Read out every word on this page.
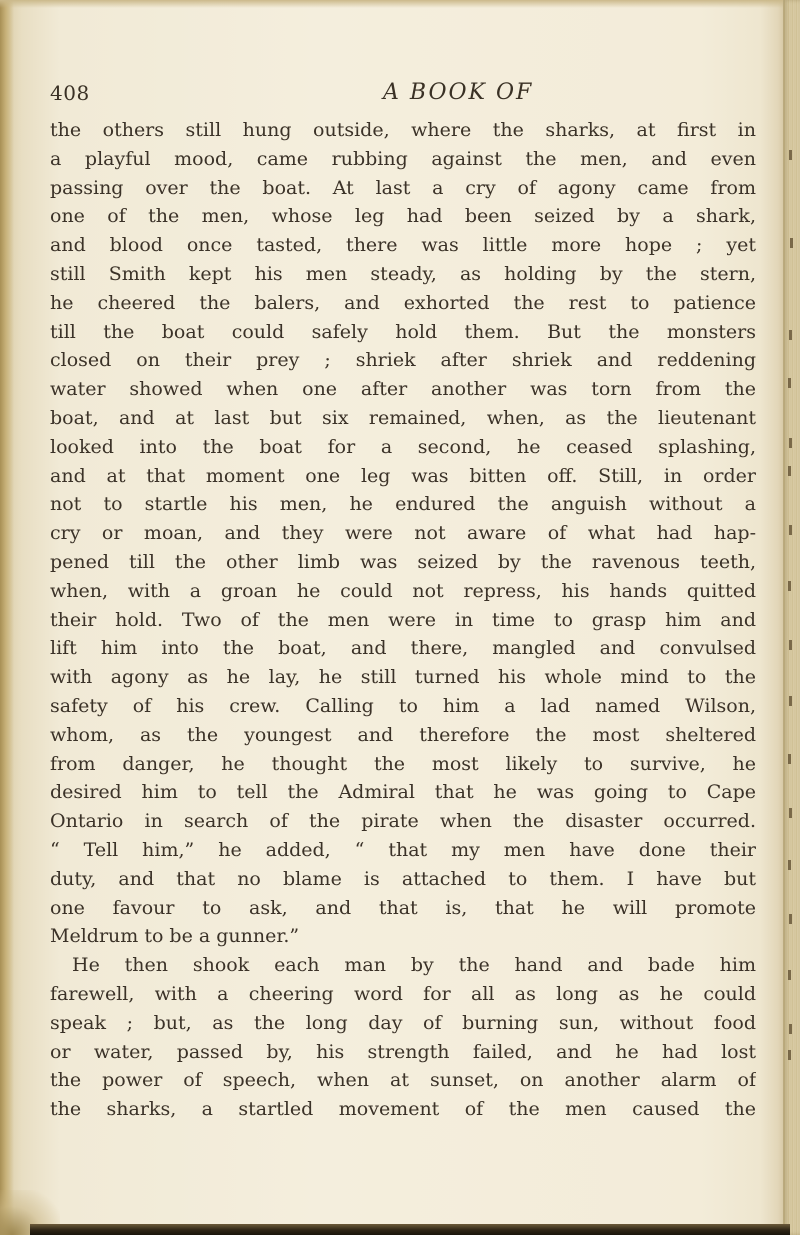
408	A BOOK OF
the others still hung outside, where the sharks, at first in
a playful mood, came rubbing against the men, and even
passing over the boat. At last a cry of agony came from
one of the men, whose leg had been seized by a shark,
and blood once tasted, there was little more hope ; yet
still Smith kept his men steady, as holding by the stern,
he cheered the balers, and exhorted the rest to patience
till the boat could safely hold them. But the monsters
closed on their prey ; shriek after shriek and reddening
water showed when one after another was torn from the
boat, and at last but six remained, when, as the lieutenant
looked into the boat for a second, he ceased splashing,
and at that moment one leg was bitten off. Still, in order
not to startle his men, he endured the anguish without a
cry or moan, and they were not aware of what had hap-
pened till the other limb was seized by the ravenous teeth,
when, with a groan he could not repress, his hands quitted
their hold. Two of the men were in time to grasp him and
lift him into the boat, and there, mangled and convulsed
with agony as he lay, he still turned his whole mind to the
safety of his crew. Calling to him a lad named Wilson,
whom, as the youngest and therefore the most sheltered
from danger, he thought the most likely to survive, he
desired him to tell the Admiral that he was going to Cape
Ontario in search of the pirate when the disaster occurred.
“ Tell him,” he added, “ that my men have done their
duty, and that no blame is attached to them. I have but
one favour to ask, and that is, that he will promote
Meldrum to be a gunner.”
He then shook each man by the hand and bade him
farewell, with a cheering word for all as long as he could
speak ; but, as the long day of burning sun, without food
or water, passed by, his strength failed, and he had lost
the power of speech, when at sunset, on another alarm of
the sharks, a startled movement of the men caused the
